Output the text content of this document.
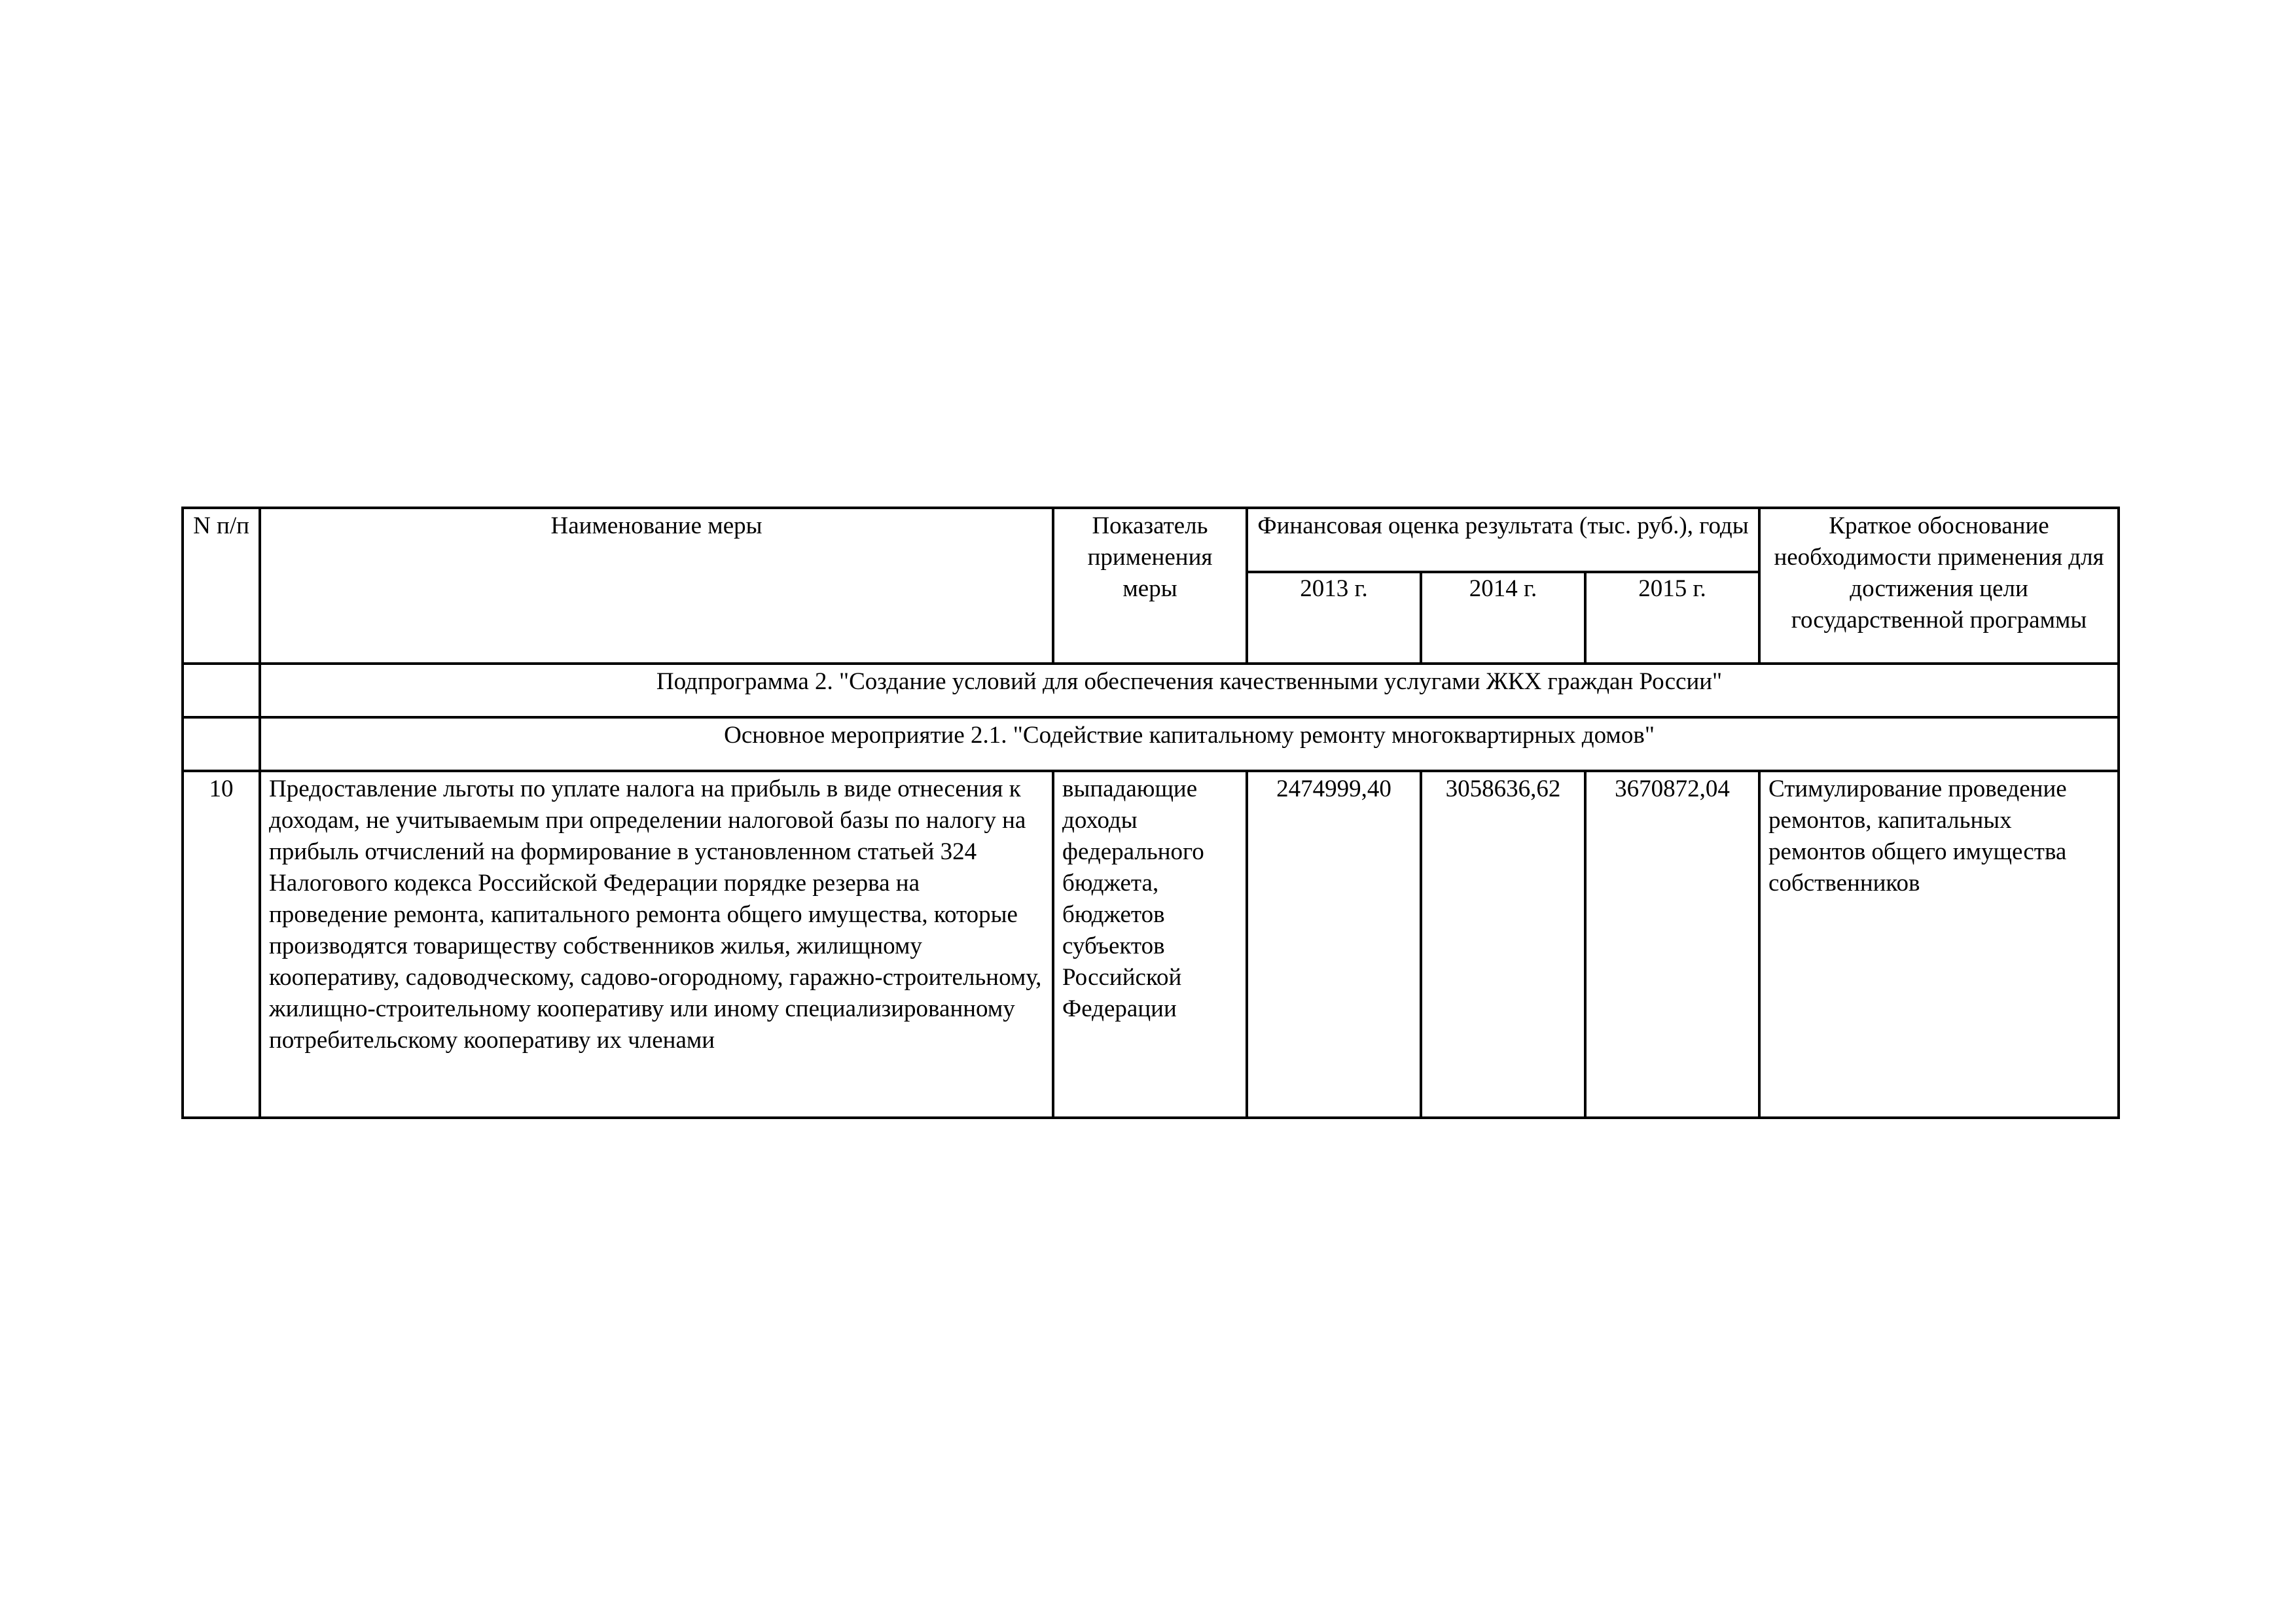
N п/п	Наименование меры	Показатель применения меры	Финансовая оценка результата (тыс. руб.), годы			Краткое обоснование необходимости применения для достижения цели государственной программы
			2013 г.	2014 г.	2015 г.	
	Подпрограмма 2. "Создание условий для обеспечения качественными услугами ЖКХ граждан России"					
	Основное мероприятие 2.1. "Содействие капитальному ремонту многоквартирных домов"					
10	Предоставление льготы по уплате налога на прибыль в виде отнесения к доходам, не учитываемым при определении налоговой базы по налогу на прибыль отчислений на формирование в установленном статьей 324 Налогового кодекса Российской Федерации порядке резерва на проведение ремонта, капитального ремонта общего имущества, которые производятся товариществу собственников жилья, жилищному кооперативу, садоводческому, садово-огородному, гаражно-строительному, жилищно-строительному кооперативу или иному специализированному потребительскому кооперативу их членами	выпадающие доходы федерального бюджета, бюджетов субъектов Российской Федерации	2474999,40	3058636,62	3670872,04	Стимулирование проведение ремонтов, капитальных ремонтов общего имущества собственников
